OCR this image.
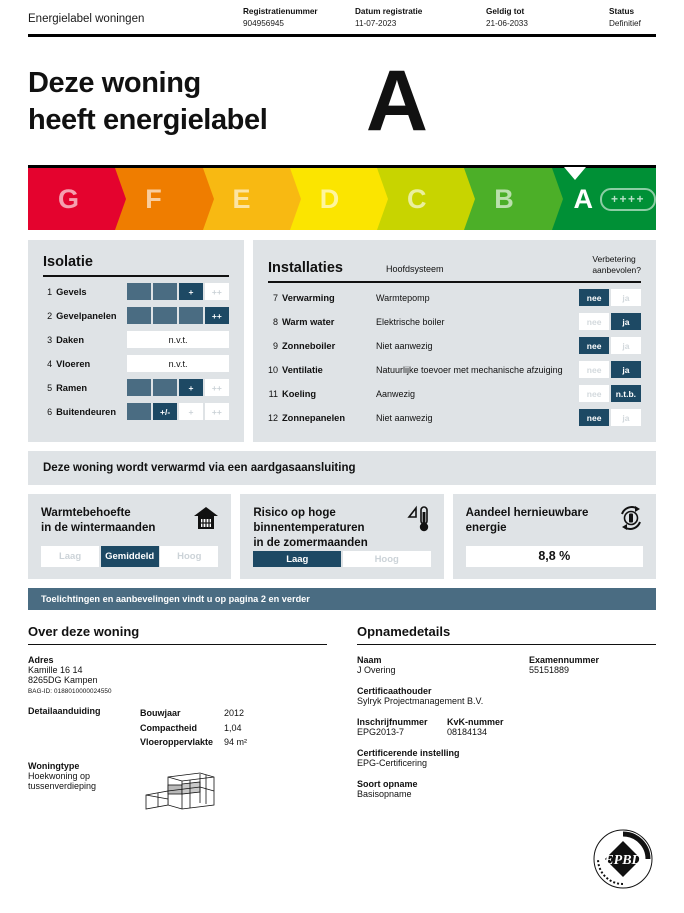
Energielabel woningen
Registratienummer
904956945
Datum registratie
11-07-2023
Geldig tot
21-06-2033
Status
Definitief
Deze woning
heeft energielabel	A
G	F	E	D	C	B	A	++++
Isolatie
1 Gevels	+	++
2 Gevelpanelen	++
3 Daken	n.v.t.
4 Vloeren	n.v.t.
5 Ramen	+	++
6 Buitendeuren	+/-	+	++
Installaties	Hoofdsysteem
Verbetering
aanbevolen?
7 Verwarming	Warmtepomp	nee	ja
8 Warm water	Elektrische boiler	nee	ja
9 Zonneboiler	Niet aanwezig	nee	ja
10 Ventilatie	Natuurlijke toevoer met mechanische afzuiging	nee	ja
11 Koeling	Aanwezig	nee	n.t.b.
12 Zonnepanelen	Niet aanwezig	nee	ja
Deze woning wordt verwarmd via een aardgasaansluiting
Warmtebehoefte
in de wintermaanden
Laag	Gemiddeld	Hoog
Risico op hoge
binnentemperaturen
in de zomermaanden
Laag	Hoog
Aandeel hernieuwbare
energie
8,8 %
Toelichtingen en aanbevelingen vindt u op pagina 2 en verder
Over deze woning
Adres
Kamille 16 14
8265DG Kampen
BAG-ID: 0188010000024550
Detailaanduiding	Bouwjaar	2012
Compactheid	1,04
Vloeroppervlakte	94 m²
Woningtype
Hoekwoning op tussenverdieping
Opnamedetails
Naam
J Overing
Examennummer
55151889
Certificaathouder
Sylryk Projectmanagement B.V.
Inschrijfnummer
EPG2013-7
KvK-nummer
08184134
Certificerende instelling
EPG-Certificering
Soort opname
Basisopname
EPBD
